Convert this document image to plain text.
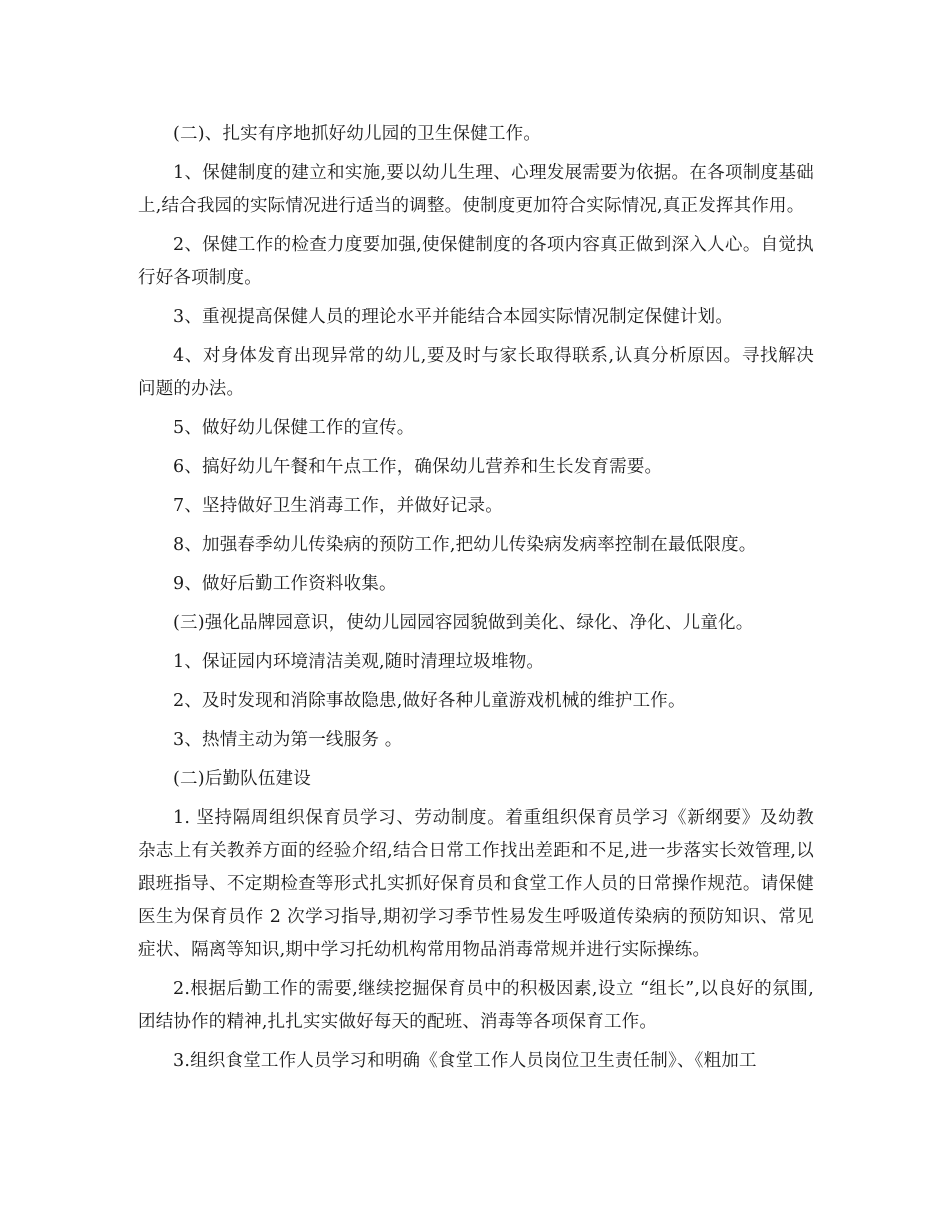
(二)、扎实有序地抓好幼儿园的卫生保健工作。

1、保健制度的建立和实施,要以幼儿生理、心理发展需要为依据。在各项制度基础上,结合我园的实际情况进行适当的调整。使制度更加符合实际情况,真正发挥其作用。

2、保健工作的检查力度要加强,使保健制度的各项内容真正做到深入人心。自觉执行好各项制度。

3、重视提高保健人员的理论水平并能结合本园实际情况制定保健计划。

4、对身体发育出现异常的幼儿,要及时与家长取得联系,认真分析原因。寻找解决问题的办法。

5、做好幼儿保健工作的宣传。

6、搞好幼儿午餐和午点工作，确保幼儿营养和生长发育需要。

7、坚持做好卫生消毒工作，并做好记录。

8、加强春季幼儿传染病的预防工作,把幼儿传染病发病率控制在最低限度。

9、做好后勤工作资料收集。

(三)强化品牌园意识，使幼儿园园容园貌做到美化、绿化、净化、儿童化。

1、保证园内环境清洁美观,随时清理垃圾堆物。

2、及时发现和消除事故隐患,做好各种儿童游戏机械的维护工作。

3、热情主动为第一线服务 。

(二)后勤队伍建设

1. 坚持隔周组织保育员学习、劳动制度。着重组织保育员学习《新纲要》及幼教杂志上有关教养方面的经验介绍,结合日常工作找出差距和不足,进一步落实长效管理,以跟班指导、不定期检查等形式扎实抓好保育员和食堂工作人员的日常操作规范。请保健医生为保育员作 2 次学习指导,期初学习季节性易发生呼吸道传染病的预防知识、常见症状、隔离等知识,期中学习托幼机构常用物品消毒常规并进行实际操练。

2.根据后勤工作的需要,继续挖掘保育员中的积极因素,设立 “组长”,以良好的氛围,团结协作的精神,扎扎实实做好每天的配班、消毒等各项保育工作。

3.组织食堂工作人员学习和明确《食堂工作人员岗位卫生责任制》、《粗加工
